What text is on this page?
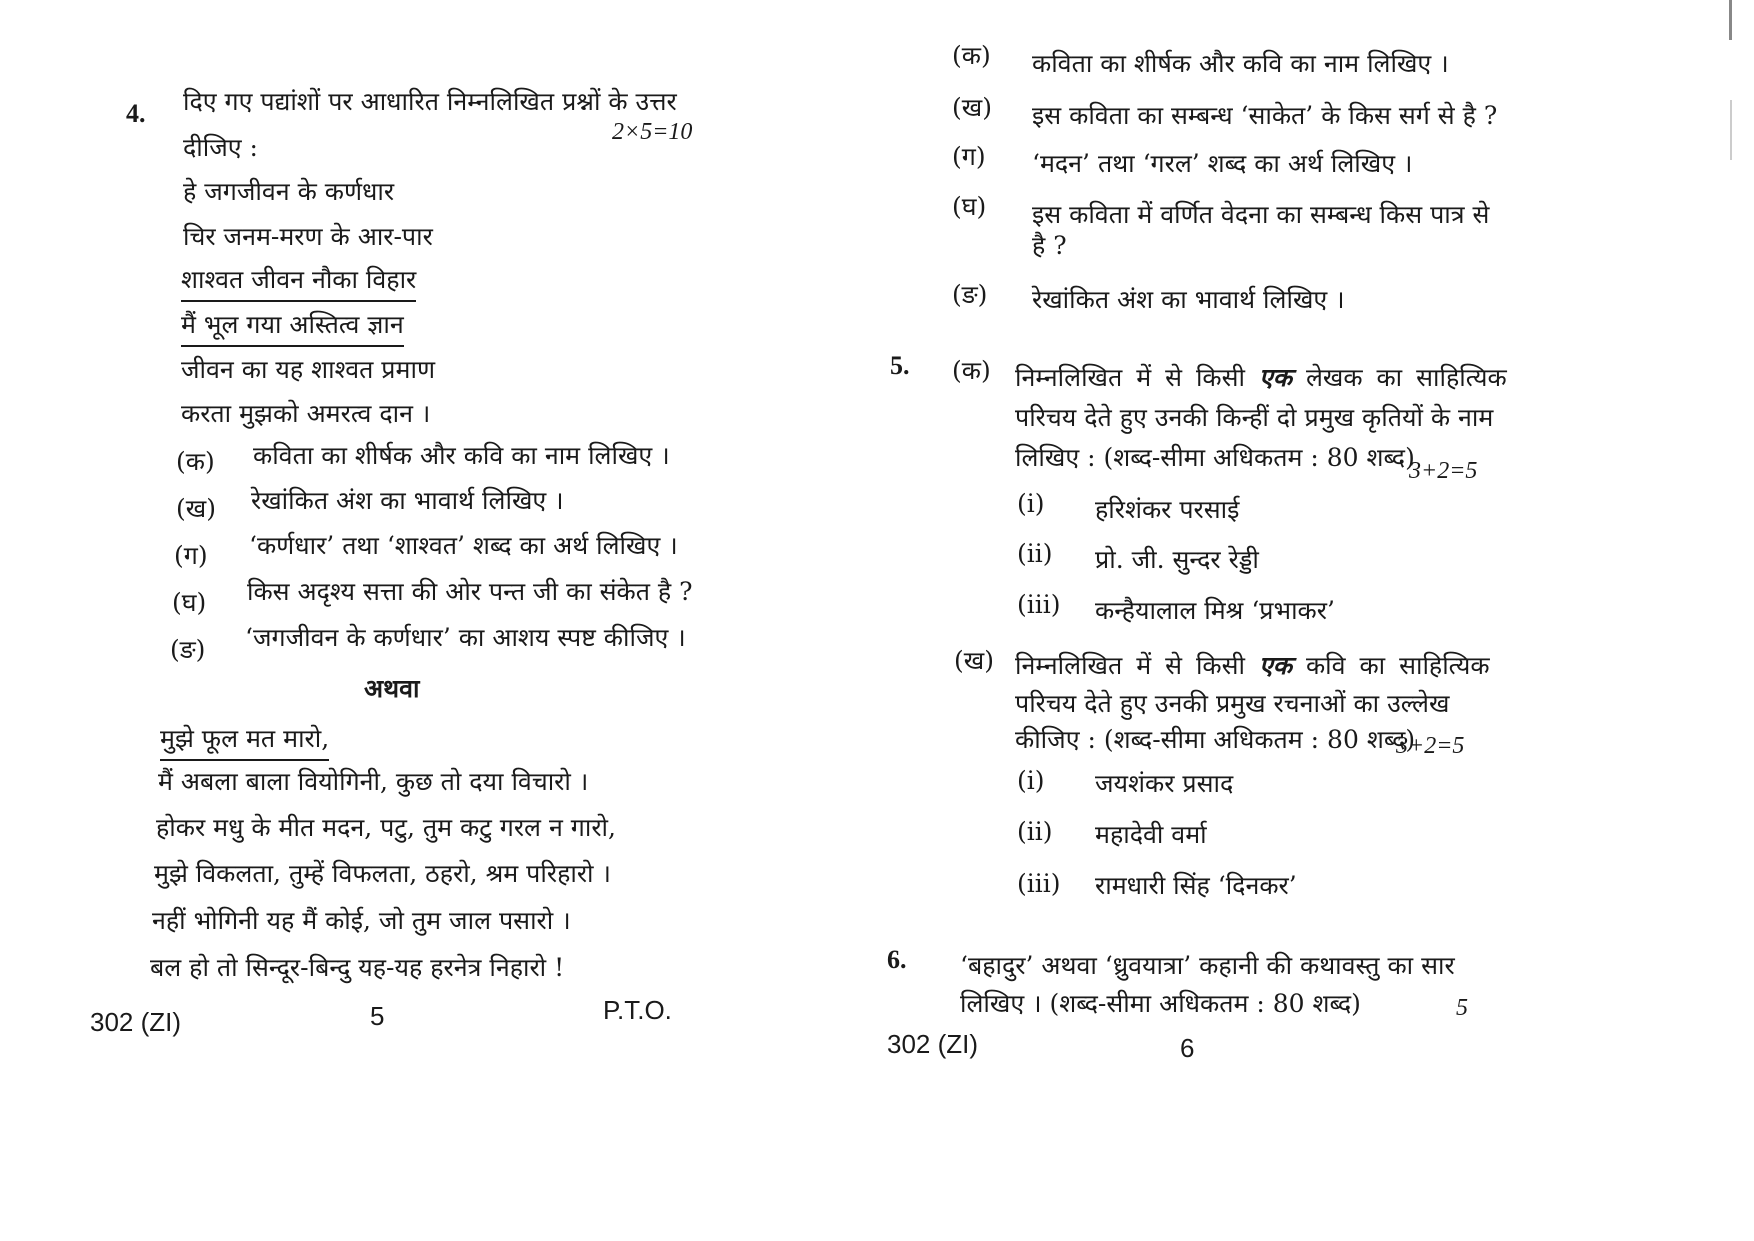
4. दिए गए पद्यांशों पर आधारित निम्नलिखित प्रश्नों के उत्तर
दीजिए :
2×5=10
हे जगजीवन के कर्णधार
चिर जनम-मरण के आर-पार
शाश्वत जीवन नौका विहार
मैं भूल गया अस्तित्व ज्ञान
जीवन का यह शाश्वत प्रमाण
करता मुझको अमरत्व दान ।
(क) कविता का शीर्षक और कवि का नाम लिखिए ।
(ख) रेखांकित अंश का भावार्थ लिखिए ।
(ग) ‘कर्णधार’ तथा ‘शाश्वत’ शब्द का अर्थ लिखिए ।
(घ) किस अदृश्य सत्ता की ओर पन्त जी का संकेत है ?
(ङ) ‘जगजीवन के कर्णधार’ का आशय स्पष्ट कीजिए ।
अथवा
मुझे फूल मत मारो,
मैं अबला बाला वियोगिनी, कुछ तो दया विचारो ।
होकर मधु के मीत मदन, पटु, तुम कटु गरल न गारो,
मुझे विकलता, तुम्हें विफलता, ठहरो, श्रम परिहारो ।
नहीं भोगिनी यह मैं कोई, जो तुम जाल पसारो ।
बल हो तो सिन्दूर-बिन्दु यह-यह हरनेत्र निहारो !
302 (ZI)	5	P.T.O.
(क) कविता का शीर्षक और कवि का नाम लिखिए ।
(ख) इस कविता का सम्बन्ध ‘साकेत’ के किस सर्ग से है ?
(ग) ‘मदन’ तथा ‘गरल’ शब्द का अर्थ लिखिए ।
(घ) इस कविता में वर्णित वेदना का सम्बन्ध किस पात्र से
है ?
(ङ) रेखांकित अंश का भावार्थ लिखिए ।
5. (क) निम्नलिखित में से किसी एक लेखक का साहित्यिक
परिचय देते हुए उनकी किन्हीं दो प्रमुख कृतियों के नाम
लिखिए : (शब्द-सीमा अधिकतम : 80 शब्द)
3+2=5
(i) हरिशंकर परसाई
(ii) प्रो. जी. सुन्दर रेड्डी
(iii) कन्हैयालाल मिश्र ‘प्रभाकर’
(ख) निम्नलिखित में से किसी एक कवि का साहित्यिक
परिचय देते हुए उनकी प्रमुख रचनाओं का उल्लेख
कीजिए : (शब्द-सीमा अधिकतम : 80 शब्द)
3+2=5
(i) जयशंकर प्रसाद
(ii) महादेवी वर्मा
(iii) रामधारी सिंह ‘दिनकर’
6. ‘बहादुर’ अथवा ‘ध्रुवयात्रा’ कहानी की कथावस्तु का सार
लिखिए । (शब्द-सीमा अधिकतम : 80 शब्द)	5
302 (ZI)	6
